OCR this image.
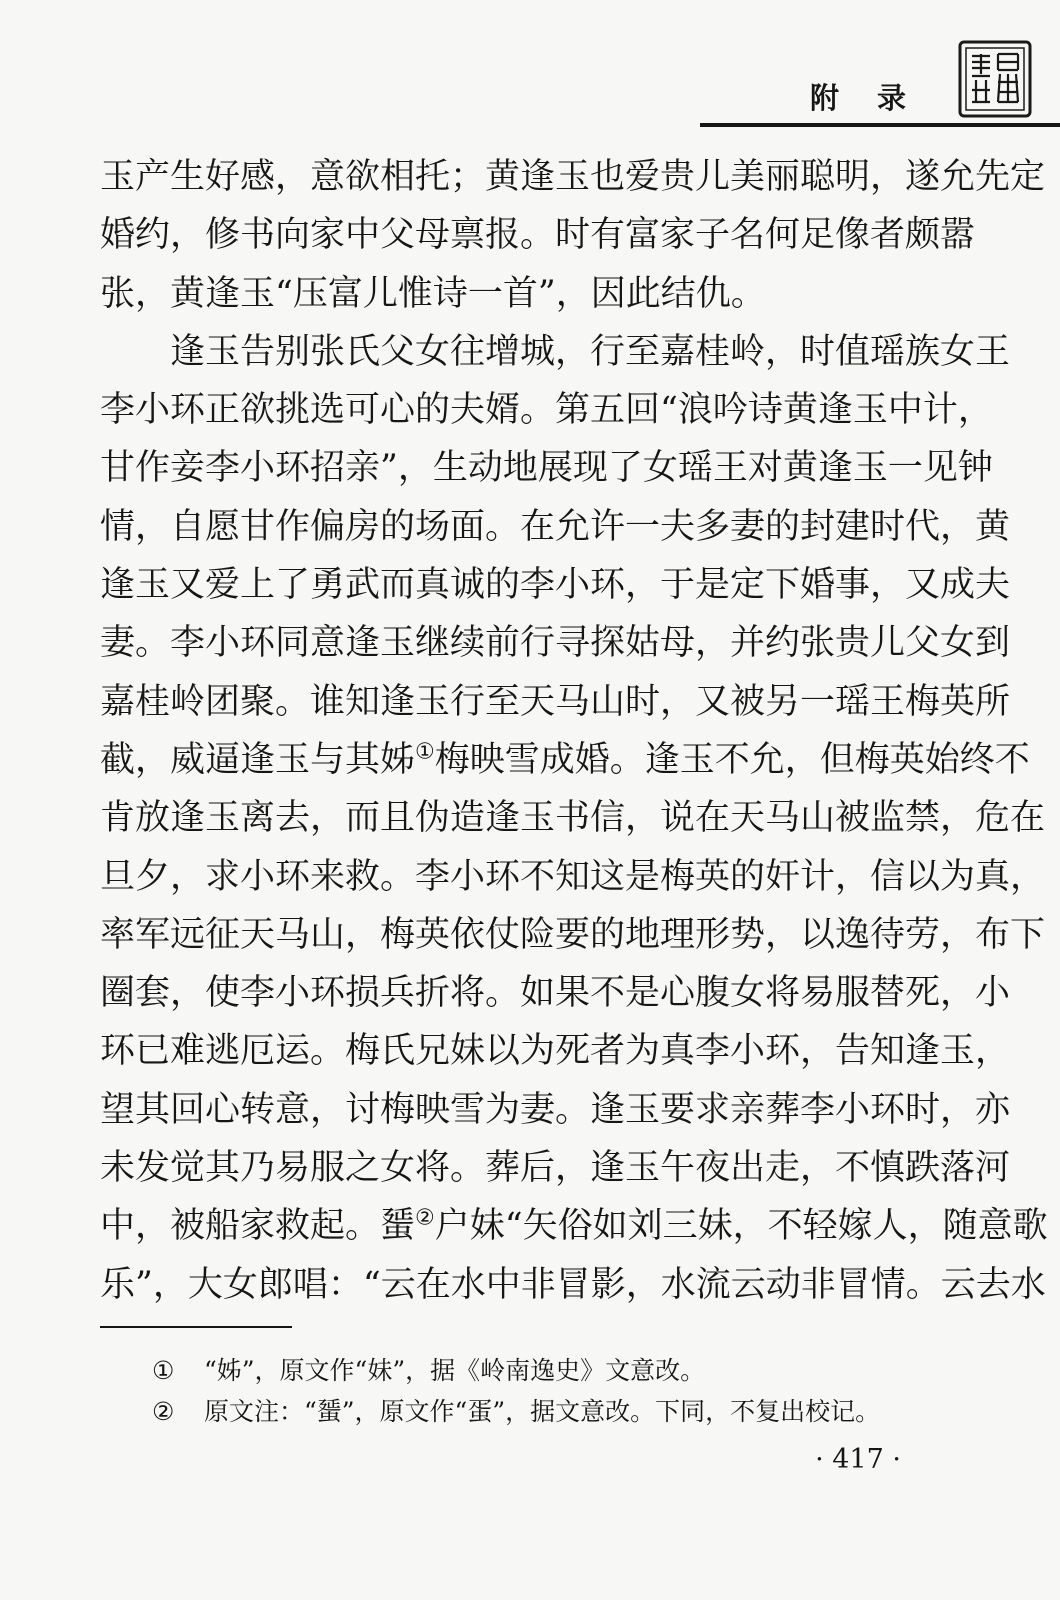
附 录

玉产生好感，意欲相托；黄逢玉也爱贵儿美丽聪明，遂允先定
婚约，修书向家中父母禀报。时有富家子名何足像者颇嚣
张，黄逢玉“压富儿惟诗一首”，因此结仇。

逢玉告别张氏父女往增城，行至嘉桂岭，时值瑶族女王
李小环正欲挑选可心的夫婿。第五回“浪吟诗黄逢玉中计，
甘作妾李小环招亲”，生动地展现了女瑶王对黄逢玉一见钟
情，自愿甘作偏房的场面。在允许一夫多妻的封建时代，黄
逢玉又爱上了勇武而真诚的李小环，于是定下婚事，又成夫
妻。李小环同意逢玉继续前行寻探姑母，并约张贵儿父女到
嘉桂岭团聚。谁知逢玉行至天马山时，又被另一瑶王梅英所
截，威逼逢玉与其姊①梅映雪成婚。逢玉不允，但梅英始终不
肯放逢玉离去，而且伪造逢玉书信，说在天马山被监禁，危在
旦夕，求小环来救。李小环不知这是梅英的奸计，信以为真，
率军远征天马山，梅英依仗险要的地理形势，以逸待劳，布下
圈套，使李小环损兵折将。如果不是心腹女将易服替死，小
环已难逃厄运。梅氏兄妹以为死者为真李小环，告知逢玉，
望其回心转意，讨梅映雪为妻。逢玉要求亲葬李小环时，亦
未发觉其乃易服之女将。葬后，逢玉午夜出走，不慎跌落河
中，被船家救起。蜑②户妹“矢俗如刘三妹，不轻嫁人，随意歌
乐”，大女郎唱：“云在水中非冒影，水流云动非冒情。云去水

①	“姊”，原文作“妹”，据《岭南逸史》文意改。
②	原文注：“蜑”，原文作“蛋”，据文意改。下同，不复出校记。
· 417 ·
